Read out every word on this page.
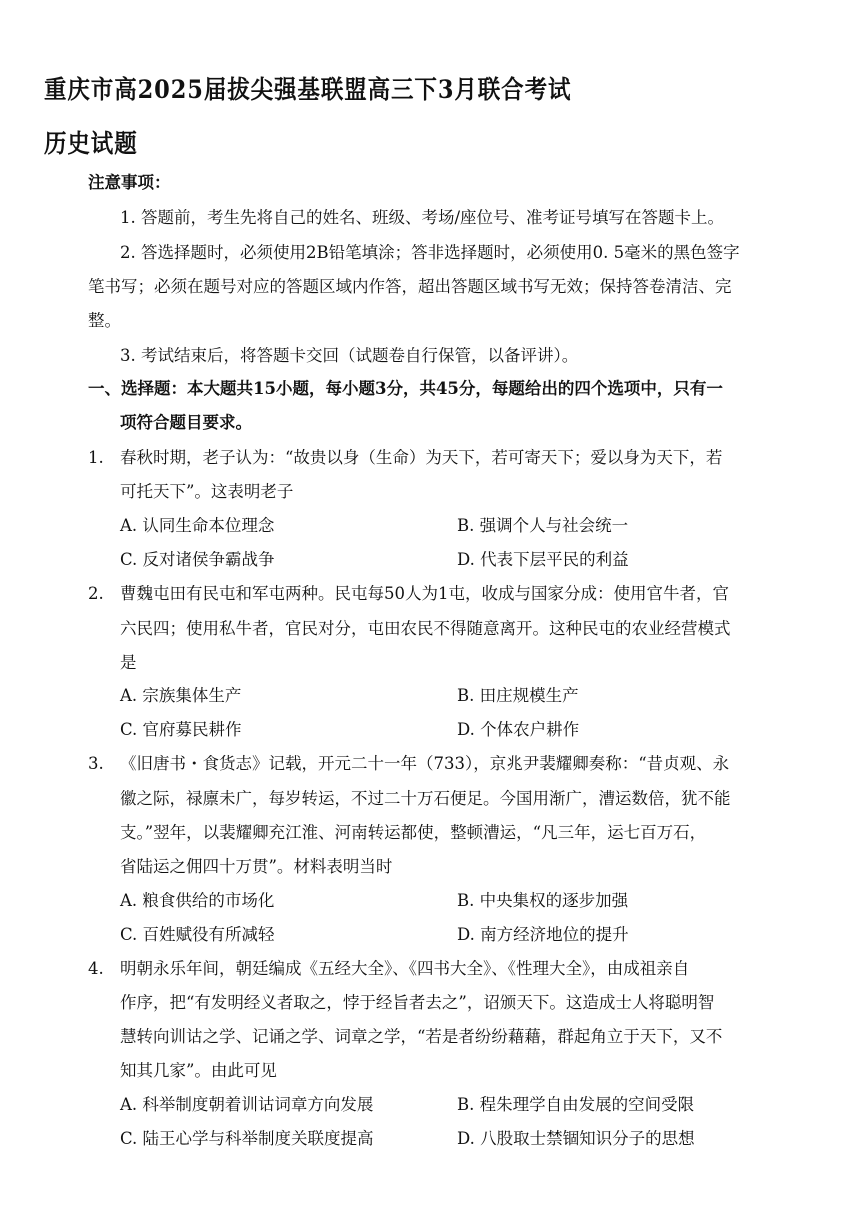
重庆市高2025届拔尖强基联盟高三下3月联合考试
历史试题
注意事项：
1. 答题前，考生先将自己的姓名、班级、考场/座位号、准考证号填写在答题卡上。
2. 答选择题时，必须使用2B铅笔填涂；答非选择题时，必须使用0. 5毫米的黑色签字
笔书写；必须在题号对应的答题区域内作答，超出答题区域书写无效；保持答卷清洁、完
整。
3. 考试结束后，将答题卡交回（试题卷自行保管，以备评讲）。
一、选择题：本大题共15小题，每小题3分，共45分，每题给出的四个选项中，只有一
项符合题目要求。
1. 春秋时期，老子认为：“故贵以身（生命）为天下，若可寄天下；爱以身为天下，若
可托天下”。这表明老子
A. 认同生命本位理念	B. 强调个人与社会统一
C. 反对诸侯争霸战争	D. 代表下层平民的利益
2. 曹魏屯田有民屯和军屯两种。民屯每50人为1屯，收成与国家分成：使用官牛者，官
六民四；使用私牛者，官民对分，屯田农民不得随意离开。这种民屯的农业经营模式
是
A. 宗族集体生产	B. 田庄规模生产
C. 官府募民耕作	D. 个体农户耕作
3. 《旧唐书・食货志》记载，开元二十一年（733），京兆尹裴耀卿奏称：“昔贞观、永
徽之际，禄廪未广，每岁转运，不过二十万石便足。今国用渐广，漕运数倍，犹不能
支。”翌年，以裴耀卿充江淮、河南转运都使，整顿漕运，“凡三年，运七百万石，
省陆运之佣四十万贯”。材料表明当时
A. 粮食供给的市场化	B. 中央集权的逐步加强
C. 百姓赋役有所减轻	D. 南方经济地位的提升
4. 明朝永乐年间，朝廷编成《五经大全》、《四书大全》、《性理大全》，由成祖亲自
作序，把“有发明经义者取之，悖于经旨者去之”，诏颁天下。这造成士人将聪明智
慧转向训诂之学、记诵之学、词章之学，“若是者纷纷藉藉，群起角立于天下，又不
知其几家”。由此可见
A. 科举制度朝着训诂词章方向发展	B. 程朱理学自由发展的空间受限
C. 陆王心学与科举制度关联度提高	D. 八股取士禁锢知识分子的思想
